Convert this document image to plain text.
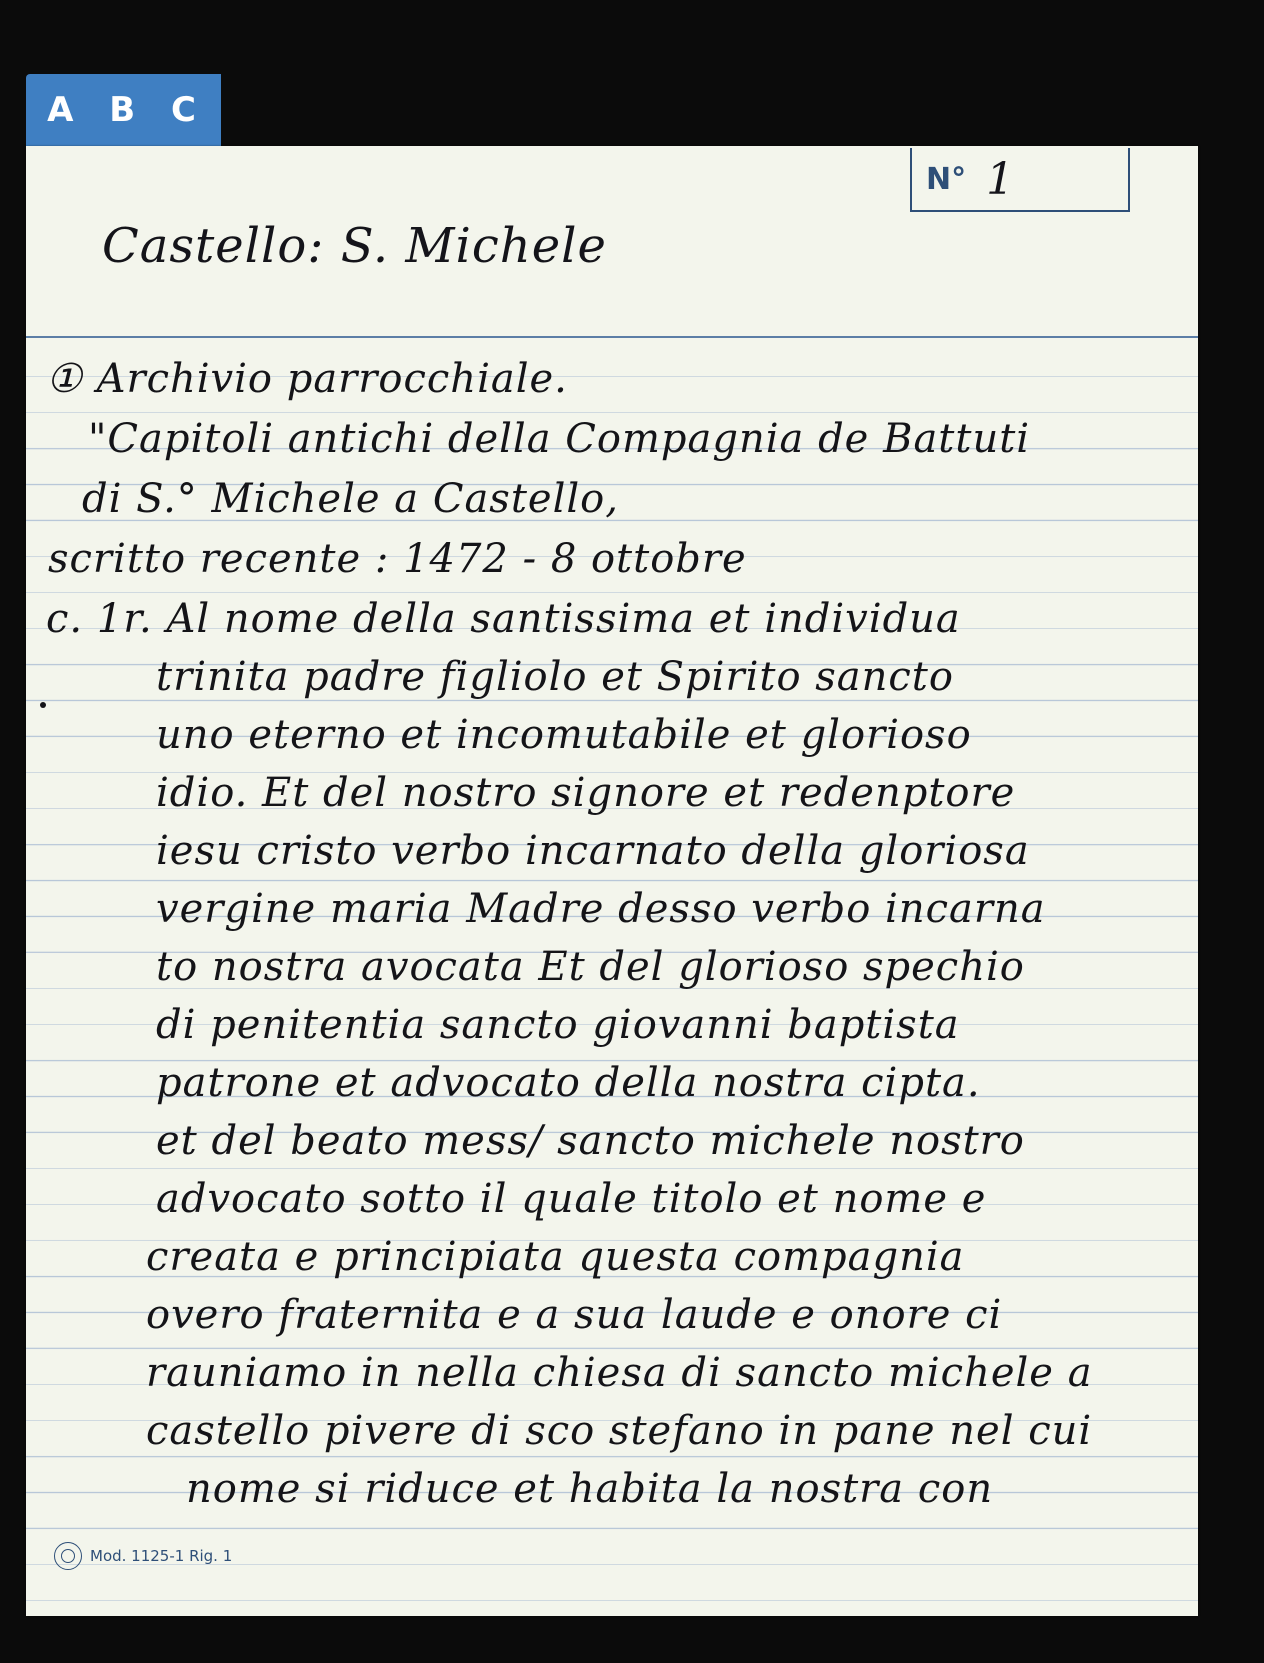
A B C
N° 1
Castello: S. Michele
① Archivio parrocchiale.
"Capitoli antichi della Compagnia de Battuti
di S.° Michele a Castello,
scritto recente : 1472 - 8 ottobre
c. 1r. Al nome della santissima et individua
trinita padre figliolo et Spirito sancto
uno eterno et incomutabile et glorioso
idio. Et del nostro signore et redenptore
iesu cristo verbo incarnato della gloriosa
vergine maria Madre desso verbo incarna
to nostra avocata Et del glorioso spechio
di penitentia sancto giovanni baptista
patrone et advocato della nostra cipta.
et del beato mess/ sancto michele nostro
advocato sotto il quale titolo et nome e
creata e principiata questa compagnia
overo fraternita e a sua laude e onore ci
rauniamo in nella chiesa di sancto michele a
castello pivere di sco stefano in pane nel cui
nome si riduce et habita la nostra con
Mod. 1125-1 Rig. 1
